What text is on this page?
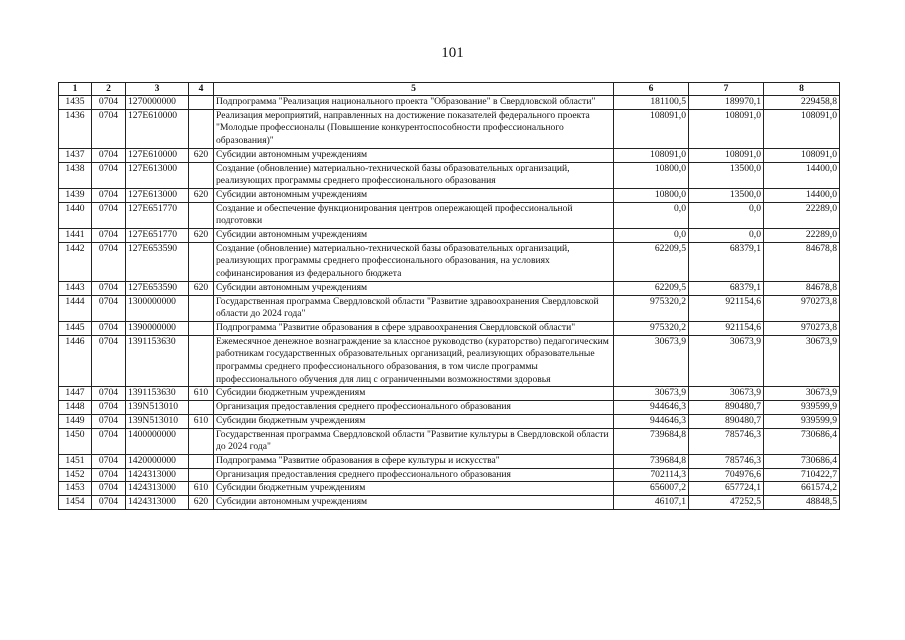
101
1	2	3	4	5	6	7	8
1435	0704	1270000000		Подпрограмма "Реализация национального проекта "Образование" в Свердловской области"	181100,5	189970,1	229458,8
1436	0704	127E610000		Реализация мероприятий, направленных на достижение показателей федерального проекта "Молодые профессионалы (Повышение конкурентоспособности профессионального образования)"	108091,0	108091,0	108091,0
1437	0704	127E610000	620	Субсидии автономным учреждениям	108091,0	108091,0	108091,0
1438	0704	127E613000		Создание (обновление) материально-технической базы образовательных организаций, реализующих программы среднего профессионального образования	10800,0	13500,0	14400,0
1439	0704	127E613000	620	Субсидии автономным учреждениям	10800,0	13500,0	14400,0
1440	0704	127E651770		Создание и обеспечение функционирования центров опережающей профессиональной подготовки	0,0	0,0	22289,0
1441	0704	127E651770	620	Субсидии автономным учреждениям	0,0	0,0	22289,0
1442	0704	127E653590		Создание (обновление) материально-технической базы образовательных организаций, реализующих программы среднего профессионального образования, на условиях софинансирования из федерального бюджета	62209,5	68379,1	84678,8
1443	0704	127E653590	620	Субсидии автономным учреждениям	62209,5	68379,1	84678,8
1444	0704	1300000000		Государственная программа Свердловской области "Развитие здравоохранения Свердловской области до 2024 года"	975320,2	921154,6	970273,8
1445	0704	1390000000		Подпрограмма "Развитие образования в сфере здравоохранения Свердловской области"	975320,2	921154,6	970273,8
1446	0704	1391153630		Ежемесячное денежное вознаграждение за классное руководство (кураторство) педагогическим работникам государственных образовательных организаций, реализующих образовательные программы среднего профессионального образования, в том числе программы профессионального обучения для лиц с ограниченными возможностями здоровья	30673,9	30673,9	30673,9
1447	0704	1391153630	610	Субсидии бюджетным учреждениям	30673,9	30673,9	30673,9
1448	0704	139N513010		Организация предоставления среднего профессионального образования	944646,3	890480,7	939599,9
1449	0704	139N513010	610	Субсидии бюджетным учреждениям	944646,3	890480,7	939599,9
1450	0704	1400000000		Государственная программа Свердловской области "Развитие культуры в Свердловской области до 2024 года"	739684,8	785746,3	730686,4
1451	0704	1420000000		Подпрограмма "Развитие образования в сфере культуры и искусства"	739684,8	785746,3	730686,4
1452	0704	1424313000		Организация предоставления среднего профессионального образования	702114,3	704976,6	710422,7
1453	0704	1424313000	610	Субсидии бюджетным учреждениям	656007,2	657724,1	661574,2
1454	0704	1424313000	620	Субсидии автономным учреждениям	46107,1	47252,5	48848,5
